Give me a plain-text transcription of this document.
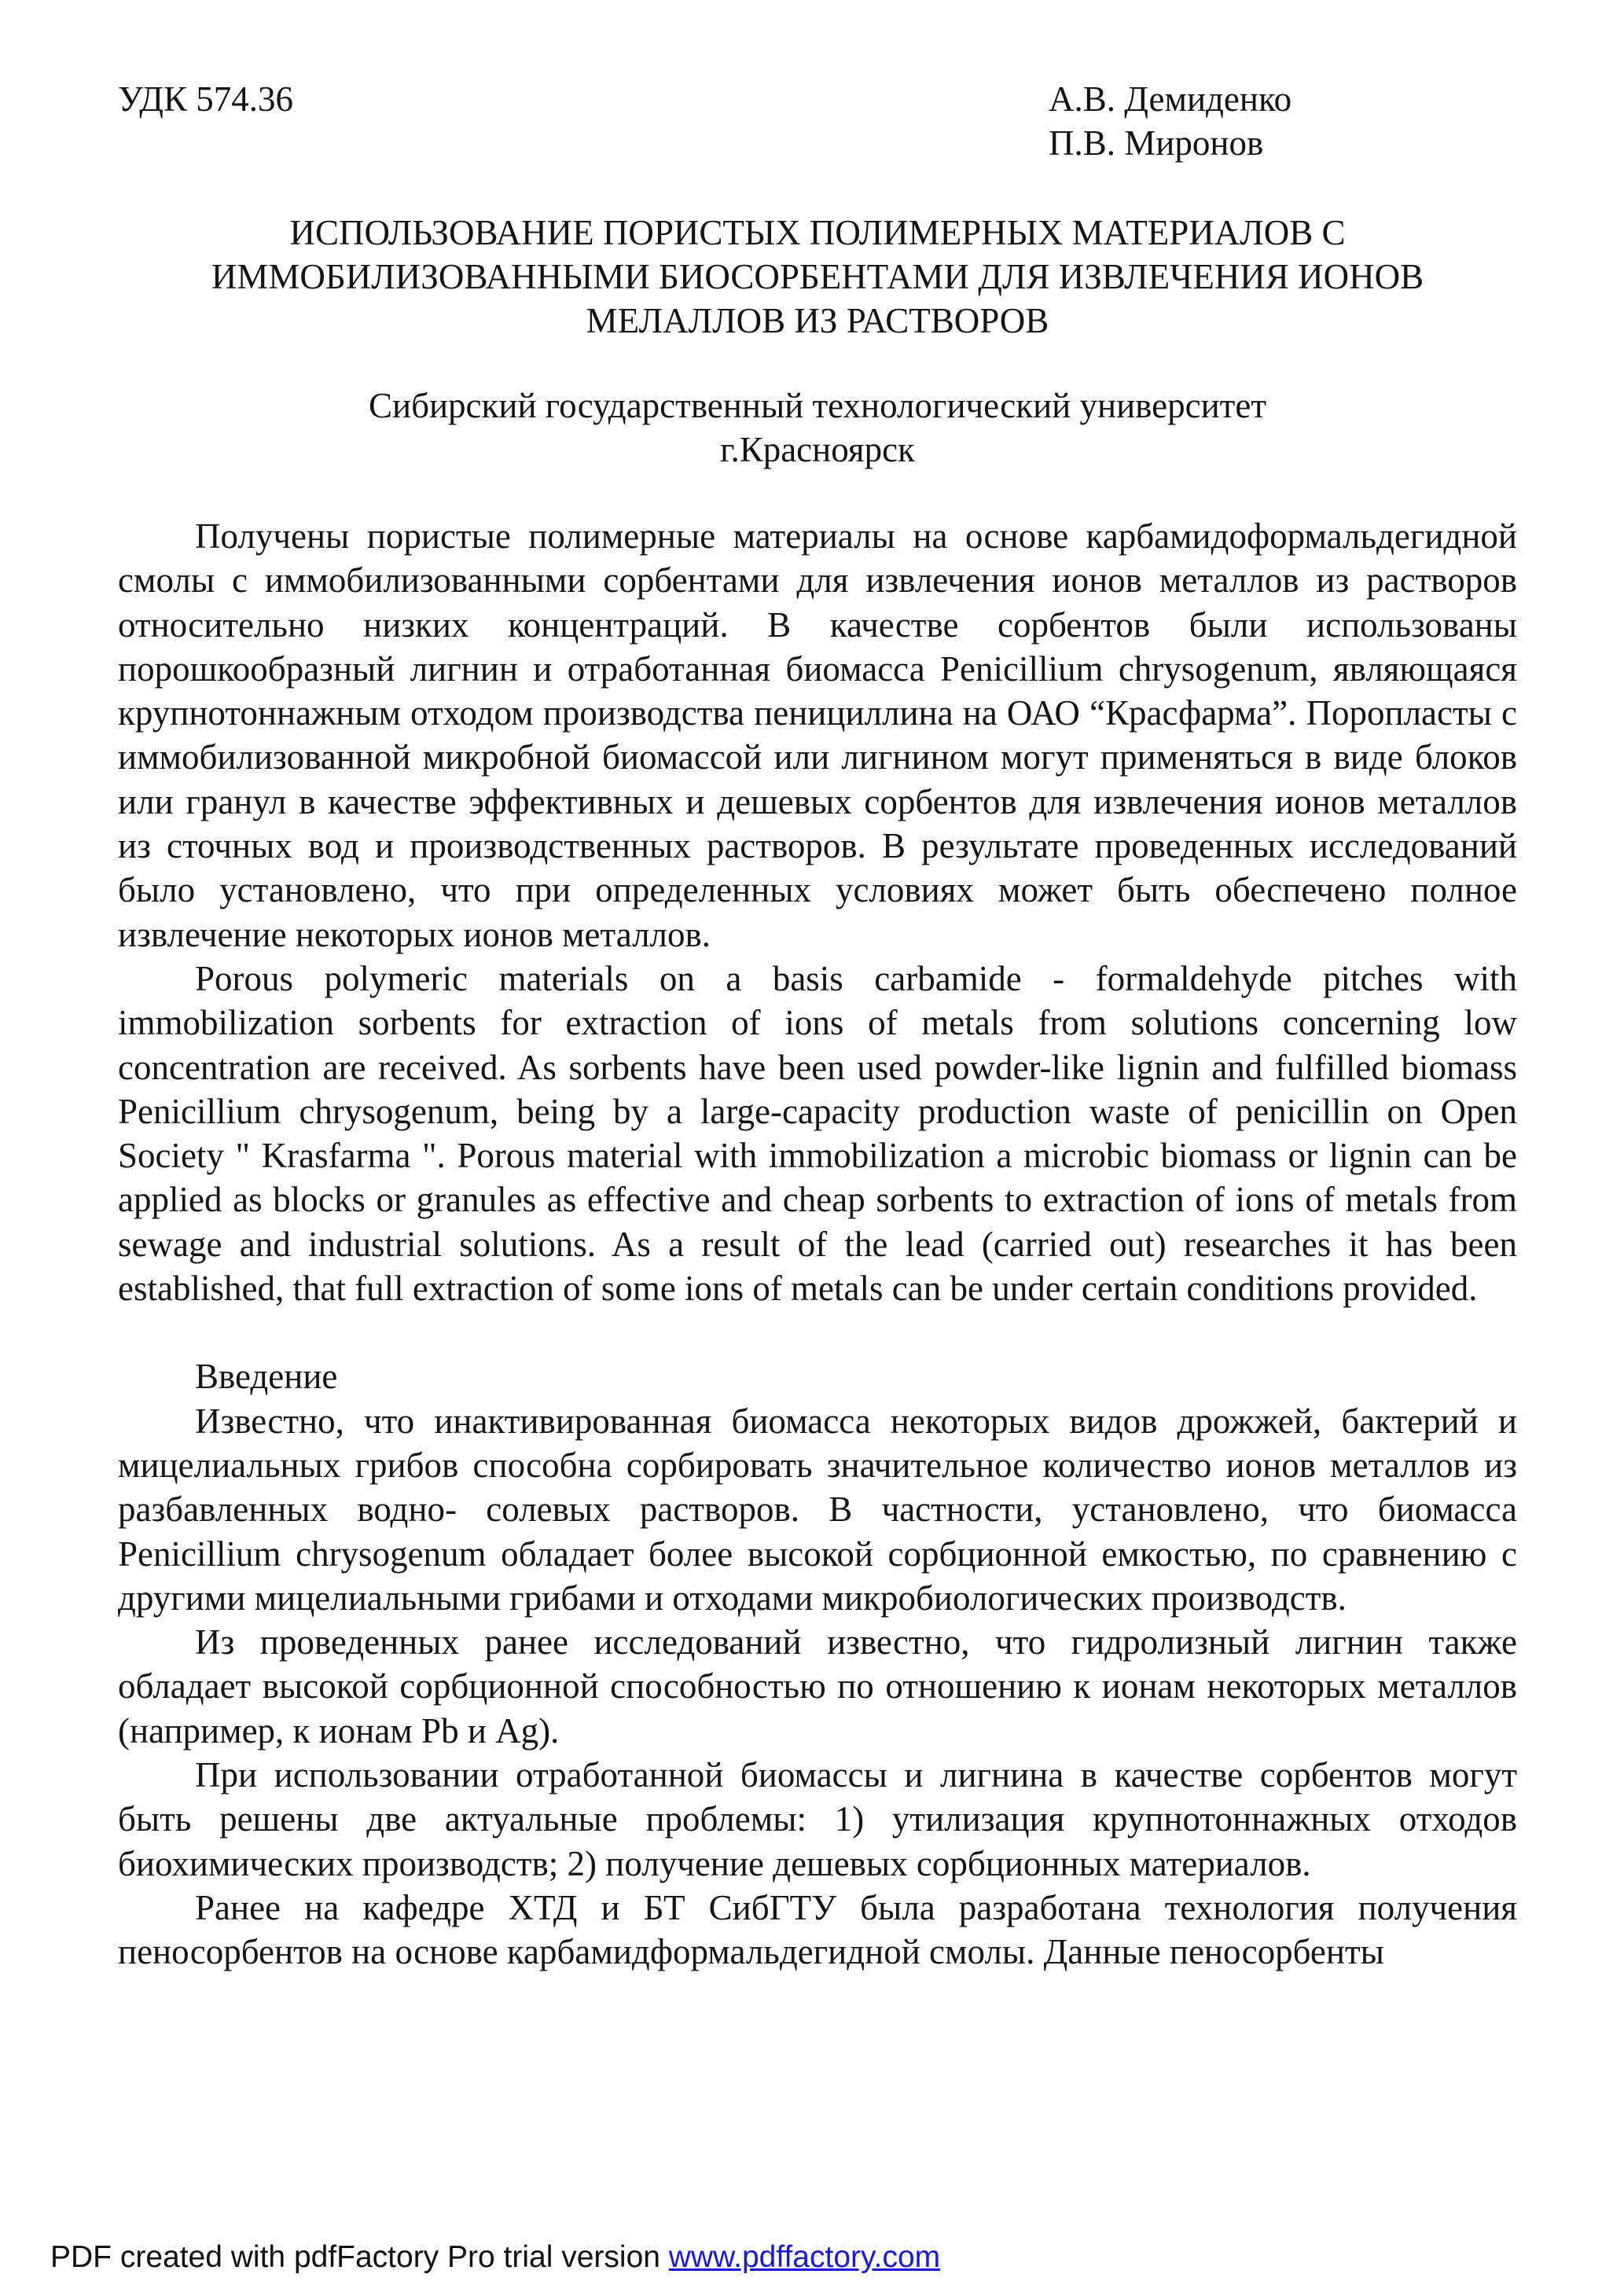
УДК 574.36	А.В. Демиденко
П.В. Миронов
ИСПОЛЬЗОВАНИЕ ПОРИСТЫХ ПОЛИМЕРНЫХ МАТЕРИАЛОВ С
ИММОБИЛИЗОВАННЫМИ БИОСОРБЕНТАМИ ДЛЯ ИЗВЛЕЧЕНИЯ ИОНОВ
МЕЛАЛЛОВ ИЗ РАСТВОРОВ
Сибирский государственный технологический университет
г.Красноярск

Получены пористые полимерные материалы на основе карбамидоформальдегидной смолы с иммобилизованными сорбентами для извлечения ионов металлов из растворов относительно низких концентраций. В качестве сорбентов были использованы порошкообразный лигнин и отработанная биомасса Penicillium chrysogenum, являющаяся крупнотоннажным отходом производства пенициллина на ОАО “Красфарма”. Поропласты с иммобилизованной микробной биомассой или лигнином могут применяться в виде блоков или гранул в качестве эффективных и дешевых сорбентов для извлечения ионов металлов из сточных вод и производственных растворов. В результате проведенных исследований было установлено, что при определенных условиях может быть обеспечено полное извлечение некоторых ионов металлов.

Porous polymeric materials on a basis carbamide - formaldehyde pitches with immobilization sorbents for extraction of ions of metals from solutions concerning low concentration are received. As sorbents have been used powder-like lignin and fulfilled biomass Penicillium chrysogenum, being by a large-capacity production waste of penicillin on Open Society " Krasfarma ". Porous material with immobilization a microbic biomass or lignin can be applied as blocks or granules as effective and cheap sorbents to extraction of ions of metals from sewage and industrial solutions. As a result of the lead (carried out) researches it has been established, that full extraction of some ions of metals can be under certain conditions provided.

Введение

Известно, что инактивированная биомасса некоторых видов дрожжей, бактерий и мицелиальных грибов способна сорбировать значительное количество ионов металлов из разбавленных водно- солевых растворов. В частности, установлено, что биомасса Penicillium chrysogenum обладает более высокой сорбционной емкостью, по сравнению с другими мицелиальными грибами и отходами микробиологических производств.

Из проведенных ранее исследований известно, что гидролизный лигнин также обладает высокой сорбционной способностью по отношению к ионам некоторых металлов (например, к ионам Pb и Ag).

При использовании отработанной биомассы и лигнина в качестве сорбентов могут быть решены две актуальные проблемы: 1) утилизация крупнотоннажных отходов биохимических производств; 2) получение дешевых сорбционных материалов.

Ранее на кафедре ХТД и БТ СибГТУ была разработана технология получения пеносорбентов на основе карбамидформальдегидной смолы. Данные пеносорбенты

PDF created with pdfFactory Pro trial version www.pdffactory.com
